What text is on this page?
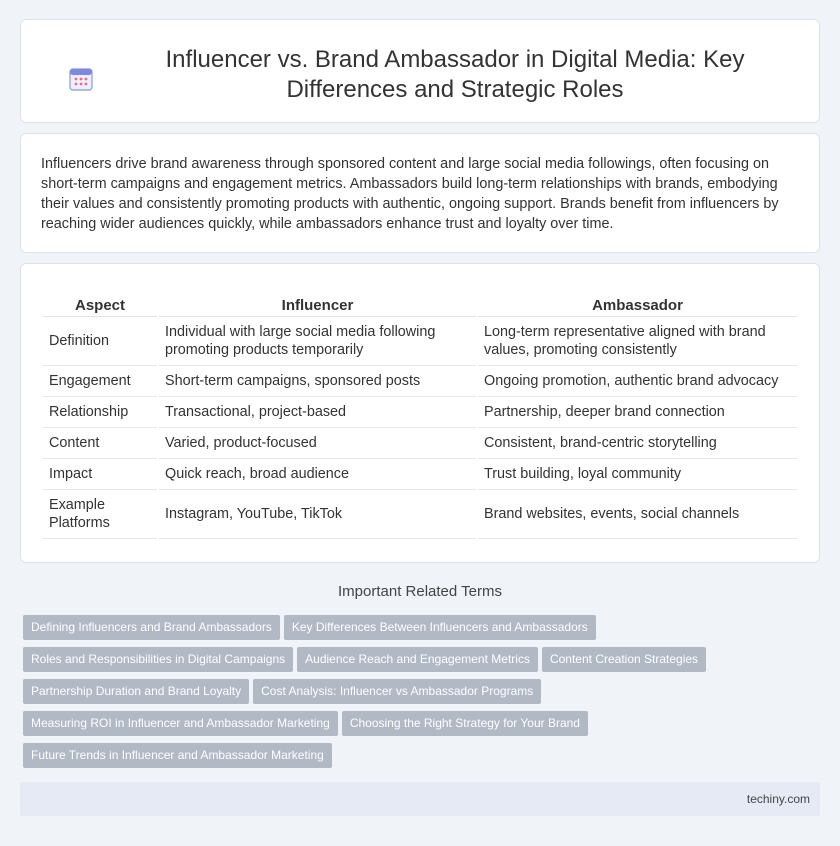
Influencer vs. Brand Ambassador in Digital Media: Key Differences and Strategic Roles

Influencers drive brand awareness through sponsored content and large social media followings, often focusing on short-term campaigns and engagement metrics. Ambassadors build long-term relationships with brands, embodying their values and consistently promoting products with authentic, ongoing support. Brands benefit from influencers by reaching wider audiences quickly, while ambassadors enhance trust and loyalty over time.

Aspect	Influencer	Ambassador
Definition	Individual with large social media following promoting products temporarily	Long-term representative aligned with brand values, promoting consistently
Engagement	Short-term campaigns, sponsored posts	Ongoing promotion, authentic brand advocacy
Relationship	Transactional, project-based	Partnership, deeper brand connection
Content	Varied, product-focused	Consistent, brand-centric storytelling
Impact	Quick reach, broad audience	Trust building, loyal community
Example Platforms	Instagram, YouTube, TikTok	Brand websites, events, social channels
Important Related Terms
Defining Influencers and Brand Ambassadors Key Differences Between Influencers and Ambassadors
Roles and Responsibilities in Digital Campaigns Audience Reach and Engagement Metrics Content Creation Strategies
Partnership Duration and Brand Loyalty Cost Analysis: Influencer vs Ambassador Programs
Measuring ROI in Influencer and Ambassador Marketing Choosing the Right Strategy for Your Brand
Future Trends in Influencer and Ambassador Marketing
techiny.com
